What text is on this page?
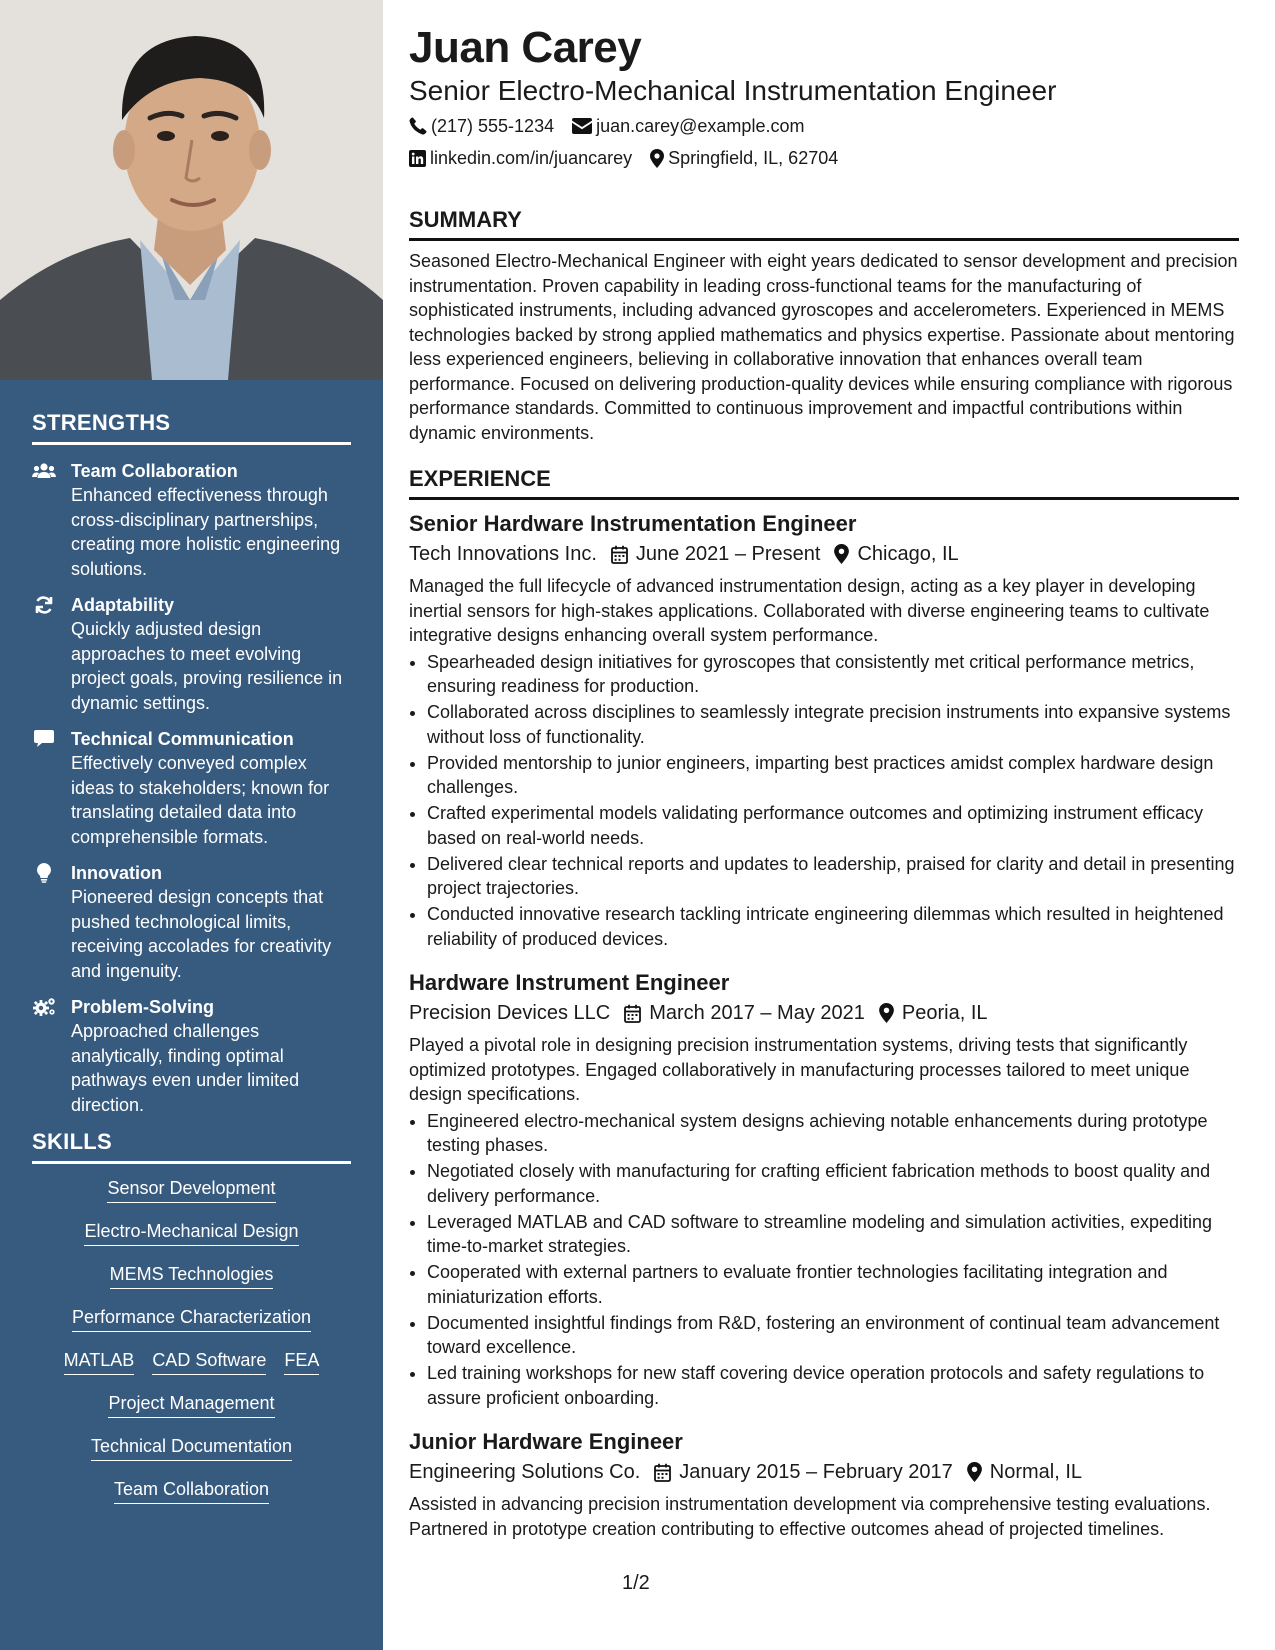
STRENGTHS
Team Collaboration
Enhanced effectiveness through cross-disciplinary partnerships, creating more holistic engineering solutions.
Adaptability
Quickly adjusted design approaches to meet evolving project goals, proving resilience in dynamic settings.
Technical Communication
Effectively conveyed complex ideas to stakeholders; known for translating detailed data into comprehensible formats.
Innovation
Pioneered design concepts that pushed technological limits, receiving accolades for creativity and ingenuity.
Problem-Solving
Approached challenges analytically, finding optimal pathways even under limited direction.
SKILLS
Sensor Development
Electro-Mechanical Design
MEMS Technologies
Performance Characterization
MATLAB CAD Software FEA
Project Management
Technical Documentation
Team Collaboration
Juan Carey
Senior Electro-Mechanical Instrumentation Engineer
(217) 555-1234 juan.carey@example.com
linkedin.com/in/juancarey Springfield, IL, 62704
SUMMARY

Seasoned Electro-Mechanical Engineer with eight years dedicated to sensor development and precision instrumentation. Proven capability in leading cross-functional teams for the manufacturing of sophisticated instruments, including advanced gyroscopes and accelerometers. Experienced in MEMS technologies backed by strong applied mathematics and physics expertise. Passionate about mentoring less experienced engineers, believing in collaborative innovation that enhances overall team performance. Focused on delivering production-quality devices while ensuring compliance with rigorous performance standards. Committed to continuous improvement and impactful contributions within dynamic environments.

EXPERIENCE
Senior Hardware Instrumentation Engineer
Tech Innovations Inc. June 2021 – Present Chicago, IL

Managed the full lifecycle of advanced instrumentation design, acting as a key player in developing inertial sensors for high-stakes applications. Collaborated with diverse engineering teams to cultivate integrative designs enhancing overall system performance.

• Spearheaded design initiatives for gyroscopes that consistently met critical performance metrics, ensuring readiness for production.
• Collaborated across disciplines to seamlessly integrate precision instruments into expansive systems without loss of functionality.
• Provided mentorship to junior engineers, imparting best practices amidst complex hardware design challenges.
• Crafted experimental models validating performance outcomes and optimizing instrument efficacy based on real-world needs.
• Delivered clear technical reports and updates to leadership, praised for clarity and detail in presenting project trajectories.
• Conducted innovative research tackling intricate engineering dilemmas which resulted in heightened reliability of produced devices.
Hardware Instrument Engineer
Precision Devices LLC March 2017 – May 2021 Peoria, IL

Played a pivotal role in designing precision instrumentation systems, driving tests that significantly optimized prototypes. Engaged collaboratively in manufacturing processes tailored to meet unique design specifications.

• Engineered electro-mechanical system designs achieving notable enhancements during prototype testing phases.
• Negotiated closely with manufacturing for crafting efficient fabrication methods to boost quality and delivery performance.
• Leveraged MATLAB and CAD software to streamline modeling and simulation activities, expediting time-to-market strategies.
• Cooperated with external partners to evaluate frontier technologies facilitating integration and miniaturization efforts.
• Documented insightful findings from R&D, fostering an environment of continual team advancement toward excellence.
• Led training workshops for new staff covering device operation protocols and safety regulations to assure proficient onboarding.
Junior Hardware Engineer
Engineering Solutions Co. January 2015 – February 2017 Normal, IL

Assisted in advancing precision instrumentation development via comprehensive testing evaluations. Partnered in prototype creation contributing to effective outcomes ahead of projected timelines.

1/2
